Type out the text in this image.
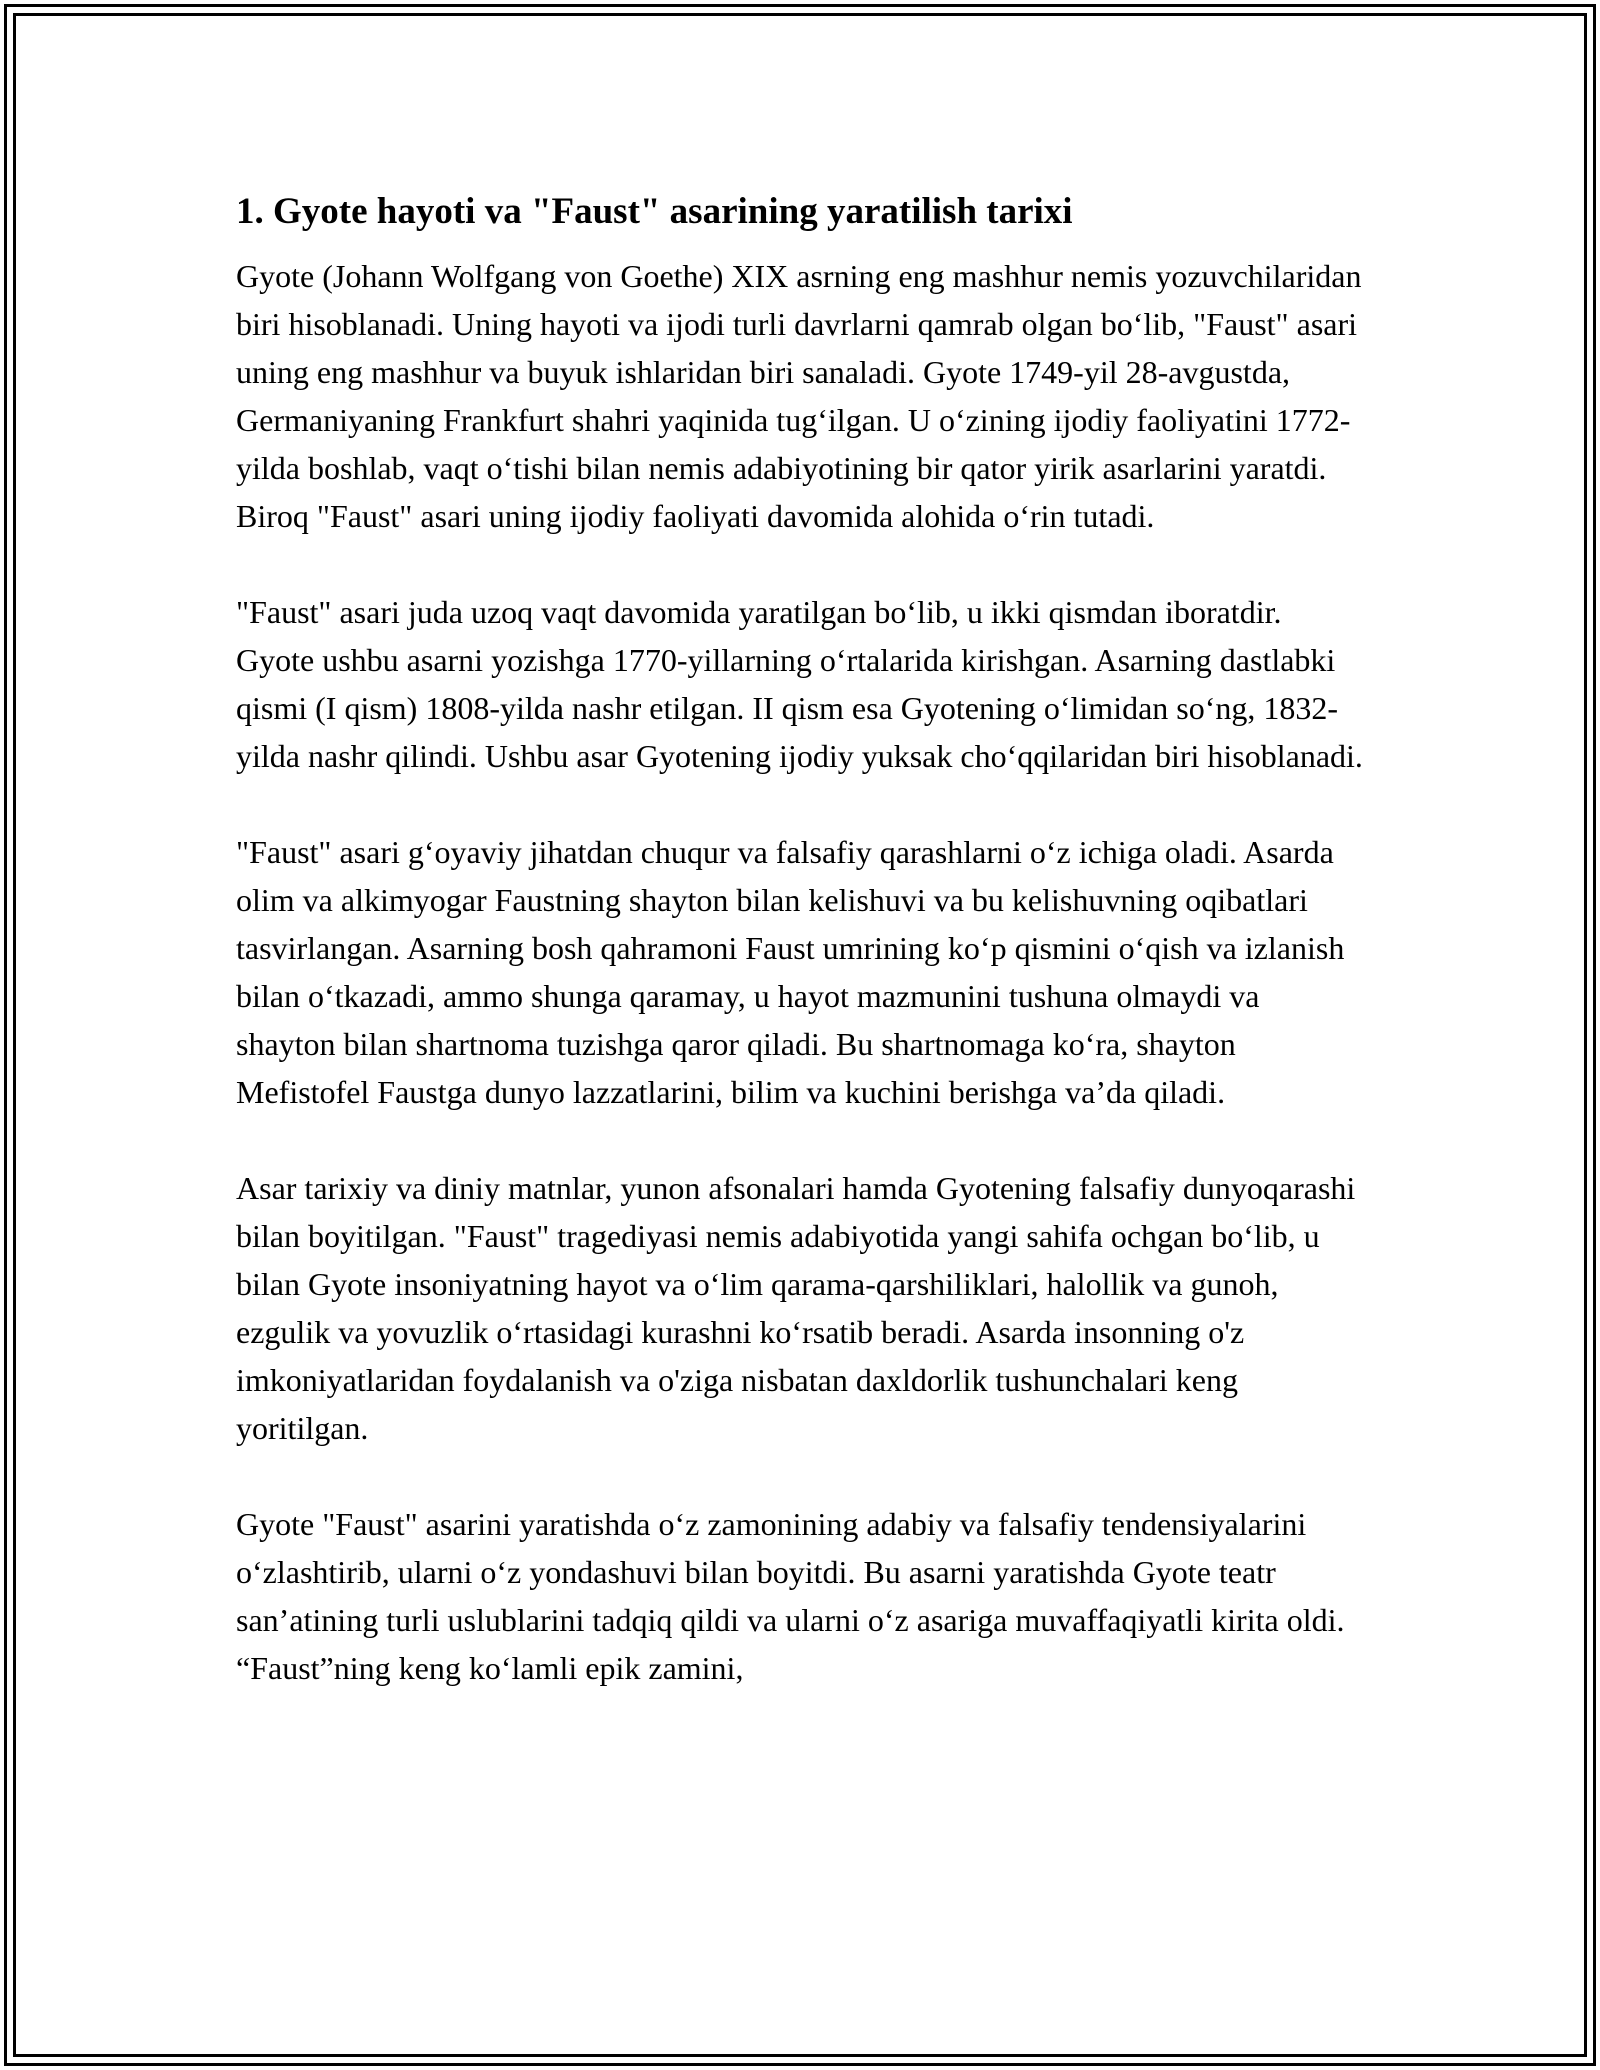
1. Gyote hayoti va "Faust" asarining yaratilish tarixi

Gyote (Johann Wolfgang von Goethe) XIX asrning eng mashhur nemis yozuvchilaridan biri hisoblanadi. Uning hayoti va ijodi turli davrlarni qamrab olgan bo‘lib, "Faust" asari uning eng mashhur va buyuk ishlaridan biri sanaladi. Gyote 1749-yil 28-avgustda, Germaniyaning Frankfurt shahri yaqinida tug‘ilgan. U o‘zining ijodiy faoliyatini 1772-yilda boshlab, vaqt o‘tishi bilan nemis adabiyotining bir qator yirik asarlarini yaratdi. Biroq "Faust" asari uning ijodiy faoliyati davomida alohida o‘rin tutadi.

"Faust" asari juda uzoq vaqt davomida yaratilgan bo‘lib, u ikki qismdan iboratdir. Gyote ushbu asarni yozishga 1770-yillarning o‘rtalarida kirishgan. Asarning dastlabki qismi (I qism) 1808-yilda nashr etilgan. II qism esa Gyotening o‘limidan so‘ng, 1832-yilda nashr qilindi. Ushbu asar Gyotening ijodiy yuksak cho‘qqilaridan biri hisoblanadi.

"Faust" asari g‘oyaviy jihatdan chuqur va falsafiy qarashlarni o‘z ichiga oladi. Asarda olim va alkimyogar Faustning shayton bilan kelishuvi va bu kelishuvning oqibatlari tasvirlangan. Asarning bosh qahramoni Faust umrining ko‘p qismini o‘qish va izlanish bilan o‘tkazadi, ammo shunga qaramay, u hayot mazmunini tushuna olmaydi va shayton bilan shartnoma tuzishga qaror qiladi. Bu shartnomaga ko‘ra, shayton Mefistofel Faustga dunyo lazzatlarini, bilim va kuchini berishga va’da qiladi.

Asar tarixiy va diniy matnlar, yunon afsonalari hamda Gyotening falsafiy dunyoqarashi bilan boyitilgan. "Faust" tragediyasi nemis adabiyotida yangi sahifa ochgan bo‘lib, u bilan Gyote insoniyatning hayot va o‘lim qarama-qarshiliklari, halollik va gunoh, ezgulik va yovuzlik o‘rtasidagi kurashni ko‘rsatib beradi. Asarda insonning o'z imkoniyatlaridan foydalanish va o'ziga nisbatan daxldorlik tushunchalari keng yoritilgan.

Gyote "Faust" asarini yaratishda o‘z zamonining adabiy va falsafiy tendensiyalarini o‘zlashtirib, ularni o‘z yondashuvi bilan boyitdi. Bu asarni yaratishda Gyote teatr san’atining turli uslublarini tadqiq qildi va ularni o‘z asariga muvaffaqiyatli kirita oldi. “Faust”ning keng ko‘lamli epik zamini,
